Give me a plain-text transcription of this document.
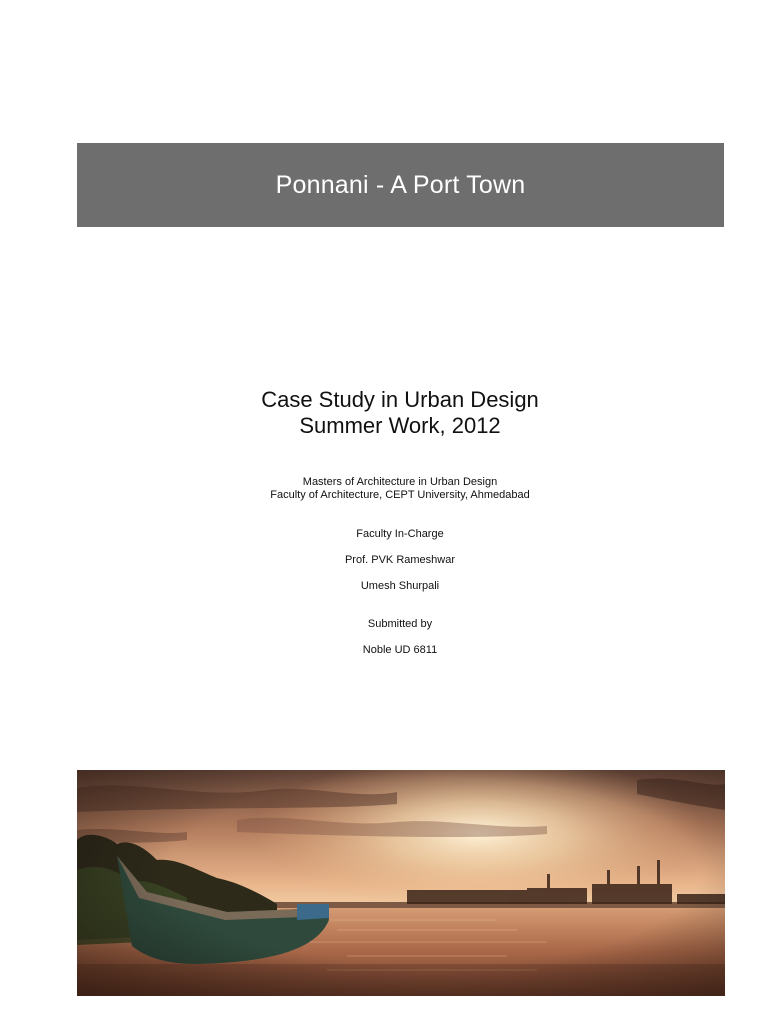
Ponnani - A Port Town
Case Study in Urban Design
Summer Work, 2012
Masters of Architecture in Urban Design
Faculty of Architecture, CEPT University, Ahmedabad
Faculty In-Charge
Prof. PVK Rameshwar
Umesh Shurpali
Submitted by
Noble UD 6811
